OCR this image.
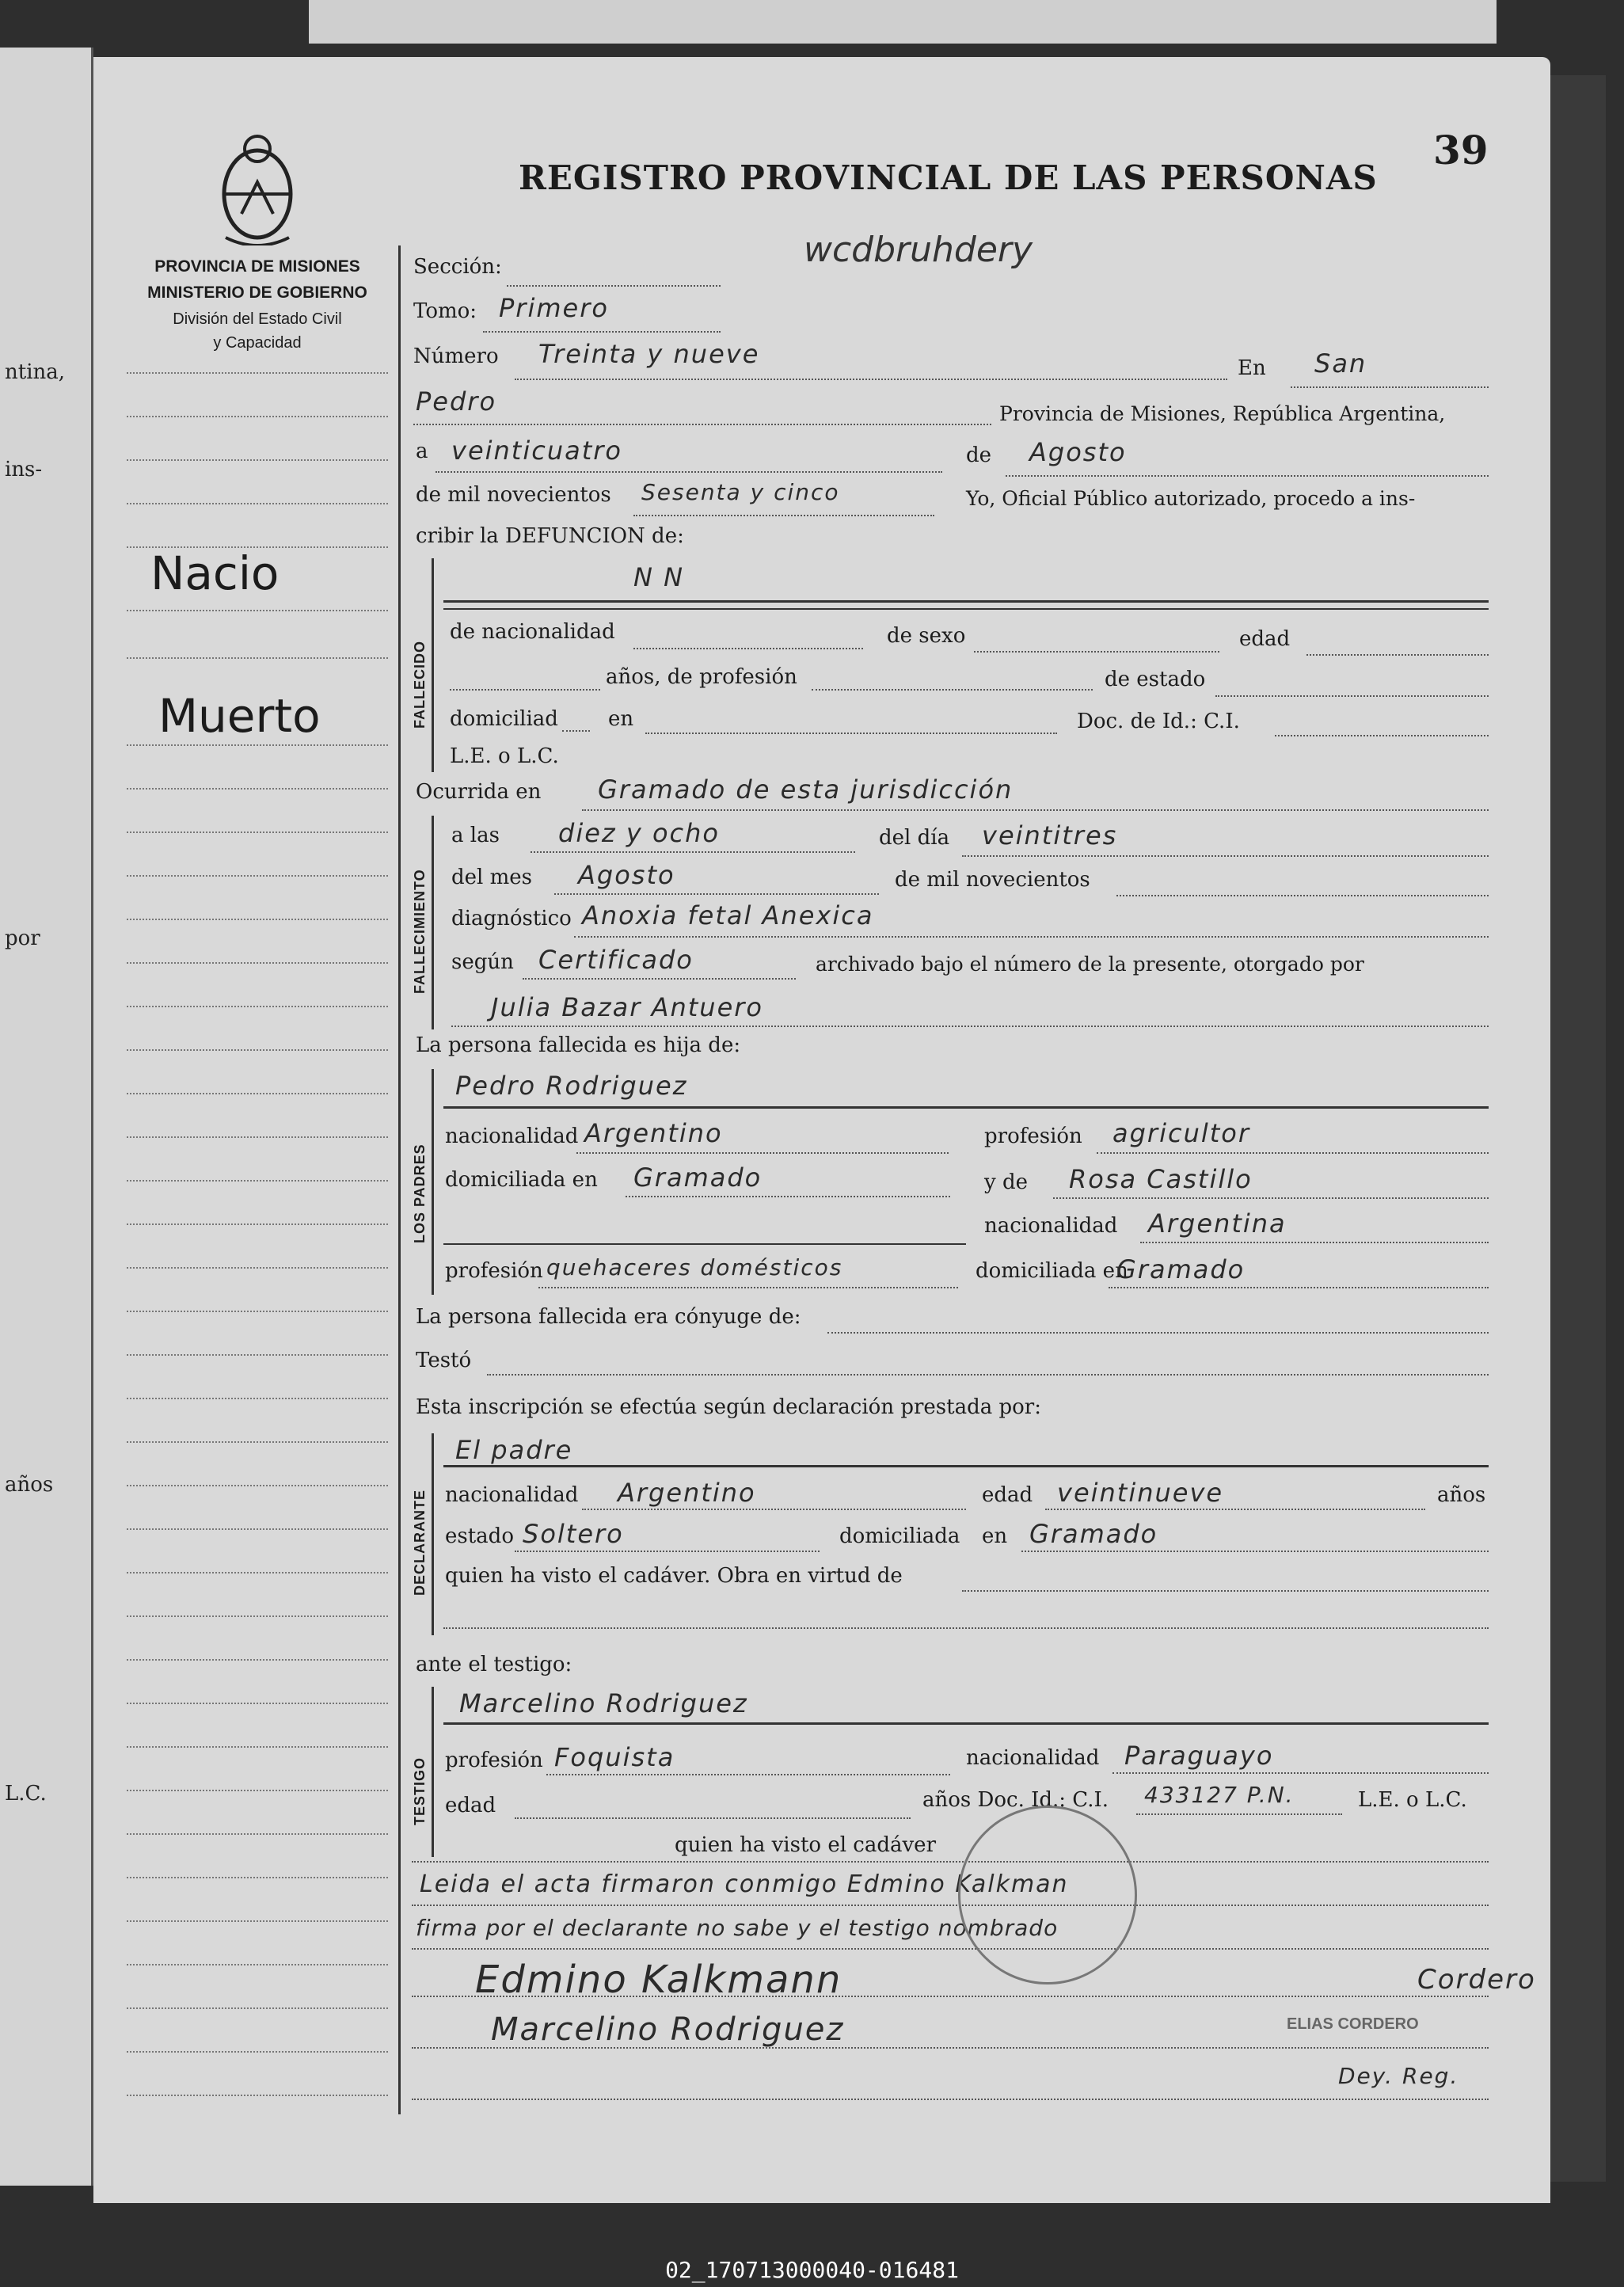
ntina,
ins-
por
años
L.C.
REGISTRO PROVINCIAL DE LAS PERSONAS
39
wcdbruhdery
PROVINCIA DE MISIONES
MINISTERIO DE GOBIERNO
División del Estado Civil
y Capacidad
Nacio
Muerto
Sección:
Tomo: Primero
Número Treinta y nueve	En San
Pedro	Provincia de Misiones, República Argentina,
a veinticuatro	de Agosto
de mil novecientos Sesenta y cinco	Yo, Oficial Público autorizado, procedo a ins-
cribir la DEFUNCION de:
FALLECIDO
N N
de nacionalidad	de sexo	edad
años, de profesión	de estado
domiciliad en	Doc. de Id.: C.I.
L.E. o L.C.
Ocurrida en Gramado de esta jurisdicción
FALLECIMIENTO
a las diez y ocho	del día veintitres
del mes Agosto	de mil novecientos
diagnóstico Anoxia fetal Anexica
según Certificado	archivado bajo el número de la presente, otorgado por
Julia Bazar Antuero
La persona fallecida es hija de:
LOS PADRES
Pedro Rodriguez
nacionalidad Argentino	profesión agricultor
domiciliada en Gramado	y de Rosa Castillo
nacionalidad Argentina
profesión quehaceres domésticos	domiciliada en
Gramado
La persona fallecida era cónyuge de:
Testó
Esta inscripción se efectúa según declaración prestada por:
DECLARANTE
El padre
nacionalidad Argentino	edad veintinueve	años
estado Soltero	domiciliada en Gramado
quien ha visto el cadáver. Obra en virtud de
ante el testigo:
TESTIGO
Marcelino Rodriguez
profesión Foquista	nacionalidad Paraguayo
edad	años Doc. Id.: C.I. 433127 P.N.	L.E. o L.C.
quien ha visto el cadáver
Leida el acta firmaron conmigo Edmino Kalkman
firma por el declarante no sabe y el testigo nombrado
Edmino Kalkmann	Cordero
ELIAS CORDERO
Marcelino Rodriguez
Dey. Reg.
02_170713000040-016481
